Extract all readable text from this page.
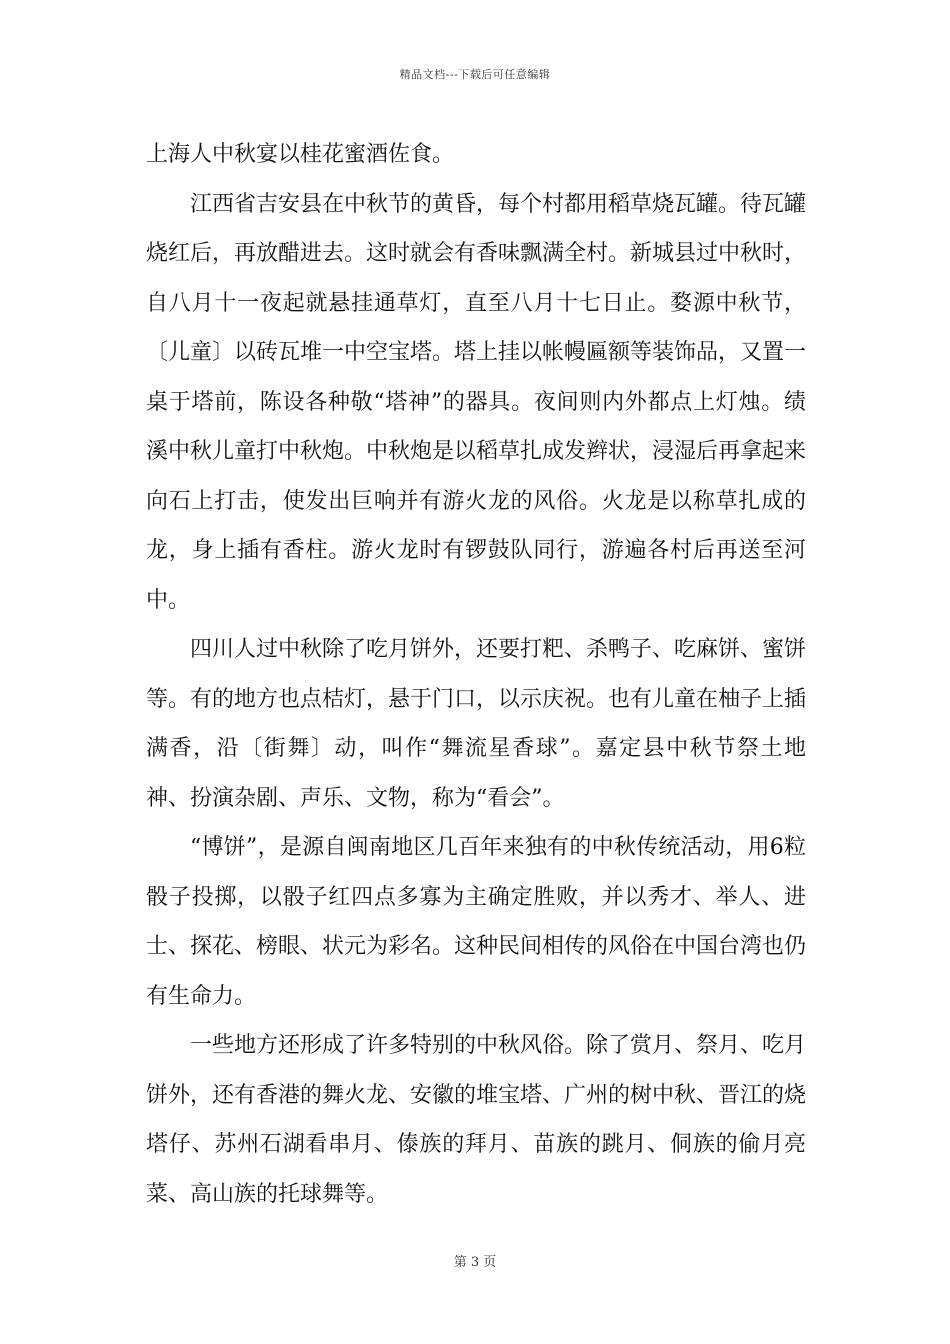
精品文档---下载后可任意编辑

上海人中秋宴以桂花蜜酒佐食。

江西省吉安县在中秋节的黄昏，每个村都用稻草烧瓦罐。待瓦罐烧红后，再放醋进去。这时就会有香味飘满全村。新城县过中秋时，自八月十一夜起就悬挂通草灯，直至八月十七日止。婺源中秋节，〔儿童〕以砖瓦堆一中空宝塔。塔上挂以帐幔匾额等装饰品，又置一桌于塔前，陈设各种敬“塔神”的器具。夜间则内外都点上灯烛。绩溪中秋儿童打中秋炮。中秋炮是以稻草扎成发辫状，浸湿后再拿起来向石上打击，使发出巨响并有游火龙的风俗。火龙是以称草扎成的龙，身上插有香柱。游火龙时有锣鼓队同行，游遍各村后再送至河中。

四川人过中秋除了吃月饼外，还要打粑、杀鸭子、吃麻饼、蜜饼等。有的地方也点桔灯，悬于门口，以示庆祝。也有儿童在柚子上插满香，沿〔街舞〕动，叫作“舞流星香球”。嘉定县中秋节祭土地神、扮演杂剧、声乐、文物，称为“看会”。

“博饼”，是源自闽南地区几百年来独有的中秋传统活动，用6粒骰子投掷，以骰子红四点多寡为主确定胜败，并以秀才、举人、进士、探花、榜眼、状元为彩名。这种民间相传的风俗在中国台湾也仍有生命力。

一些地方还形成了许多特别的中秋风俗。除了赏月、祭月、吃月饼外，还有香港的舞火龙、安徽的堆宝塔、广州的树中秋、晋江的烧塔仔、苏州石湖看串月、傣族的拜月、苗族的跳月、侗族的偷月亮菜、高山族的托球舞等。

第 3 页
